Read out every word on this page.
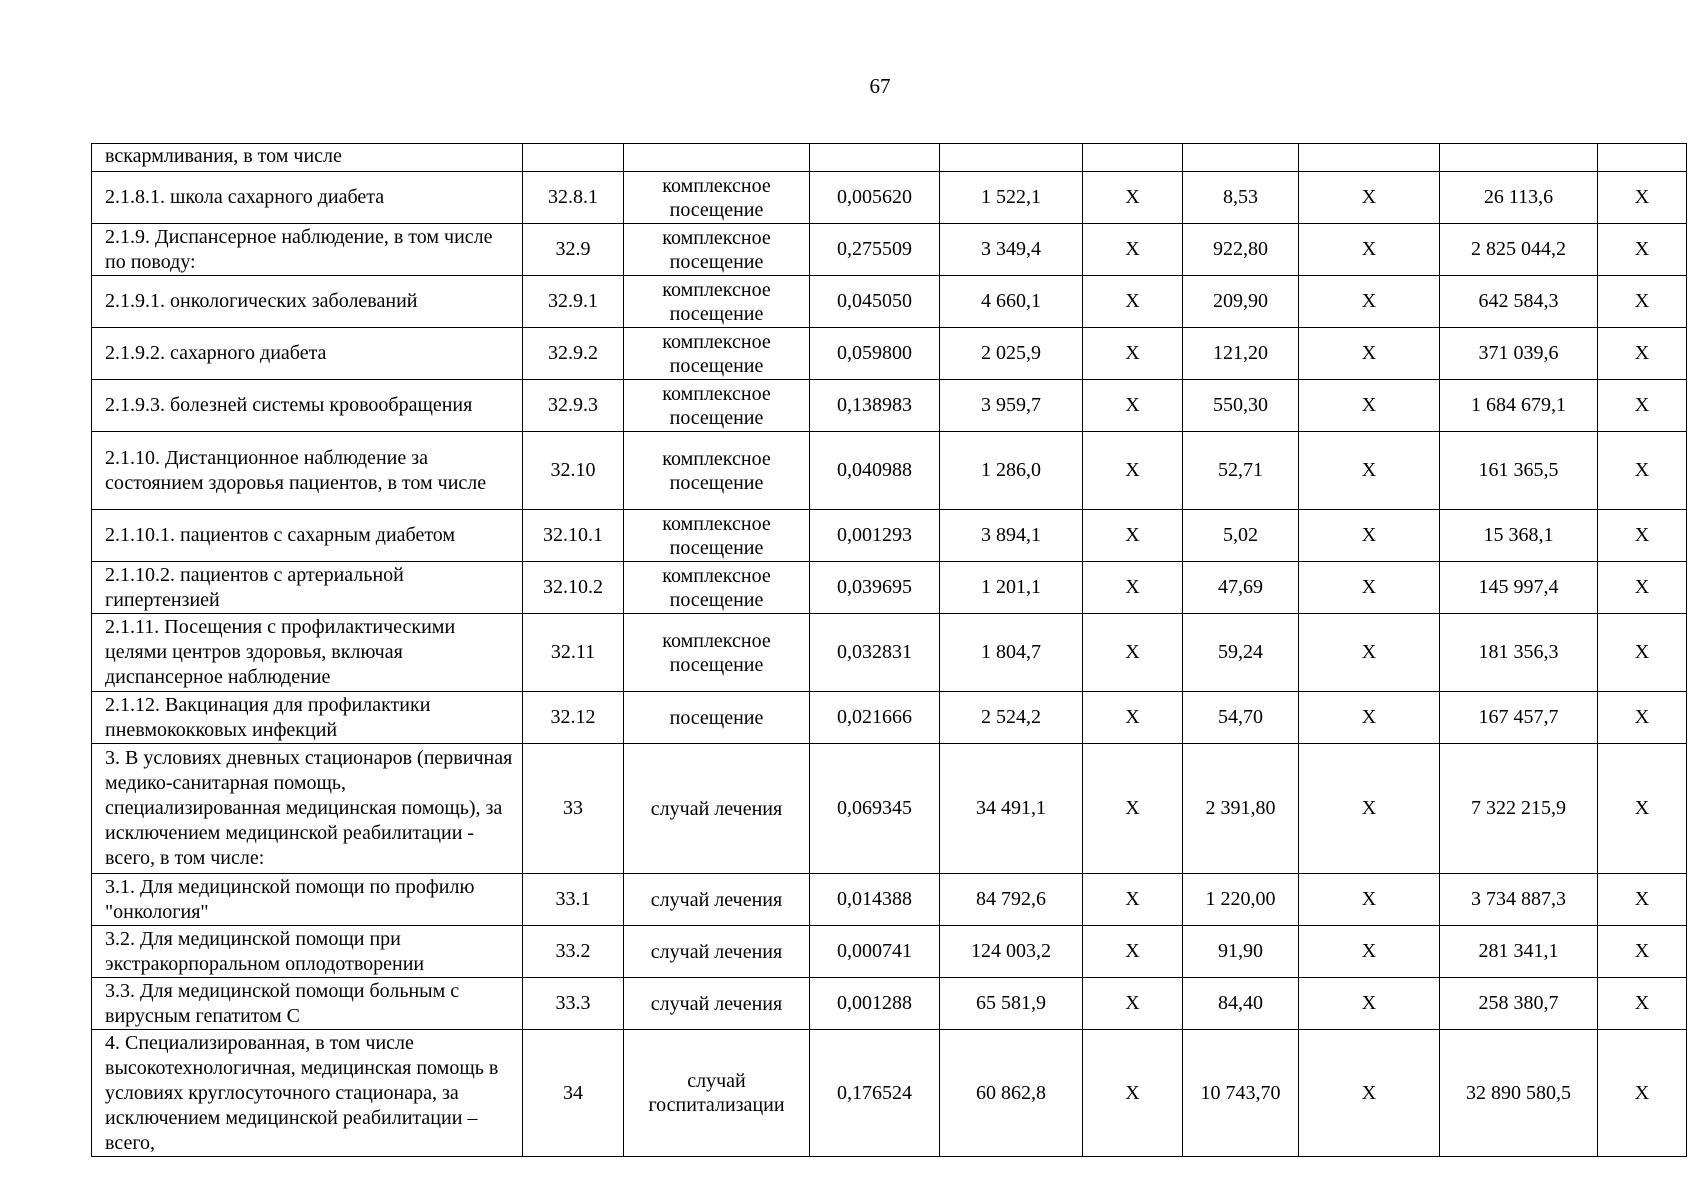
67
вскармливания, в том числе									
2.1.8.1. школа сахарного диабета	32.8.1	комплексное посещение	0,005620	1 522,1	X	8,53	X	26 113,6	X
2.1.9. Диспансерное наблюдение, в том числе по поводу:	32.9	комплексное посещение	0,275509	3 349,4	X	922,80	X	2 825 044,2	X
2.1.9.1. онкологических заболеваний	32.9.1	комплексное посещение	0,045050	4 660,1	X	209,90	X	642 584,3	X
2.1.9.2. сахарного диабета	32.9.2	комплексное посещение	0,059800	2 025,9	X	121,20	X	371 039,6	X
2.1.9.3. болезней системы кровообращения	32.9.3	комплексное посещение	0,138983	3 959,7	X	550,30	X	1 684 679,1	X
2.1.10. Дистанционное наблюдение за состоянием здоровья пациентов, в том числе	32.10	комплексное посещение	0,040988	1 286,0	X	52,71	X	161 365,5	X
2.1.10.1. пациентов с сахарным диабетом	32.10.1	комплексное посещение	0,001293	3 894,1	X	5,02	X	15 368,1	X
2.1.10.2. пациентов с артериальной гипертензией	32.10.2	комплексное посещение	0,039695	1 201,1	X	47,69	X	145 997,4	X
2.1.11. Посещения с профилактическими целями центров здоровья, включая диспансерное наблюдение	32.11	комплексное посещение	0,032831	1 804,7	X	59,24	X	181 356,3	X
2.1.12. Вакцинация для профилактики пневмококковых инфекций	32.12	посещение	0,021666	2 524,2	X	54,70	X	167 457,7	X
3. В условиях дневных стационаров (первичная медико-санитарная помощь, специализированная медицинская помощь), за исключением медицинской реабилитации - всего, в том числе:	33	случай лечения	0,069345	34 491,1	X	2 391,80	X	7 322 215,9	X
3.1. Для медицинской помощи по профилю "онкология"	33.1	случай лечения	0,014388	84 792,6	X	1 220,00	X	3 734 887,3	X
3.2. Для медицинской помощи при экстракорпоральном оплодотворении	33.2	случай лечения	0,000741	124 003,2	X	91,90	X	281 341,1	X
3.3. Для медицинской помощи больным с вирусным гепатитом С	33.3	случай лечения	0,001288	65 581,9	X	84,40	X	258 380,7	X
4. Специализированная, в том числе высокотехнологичная, медицинская помощь в условиях круглосуточного стационара, за исключением медицинской реабилитации – всего,	34	случай госпитализации	0,176524	60 862,8	X	10 743,70	X	32 890 580,5	X
